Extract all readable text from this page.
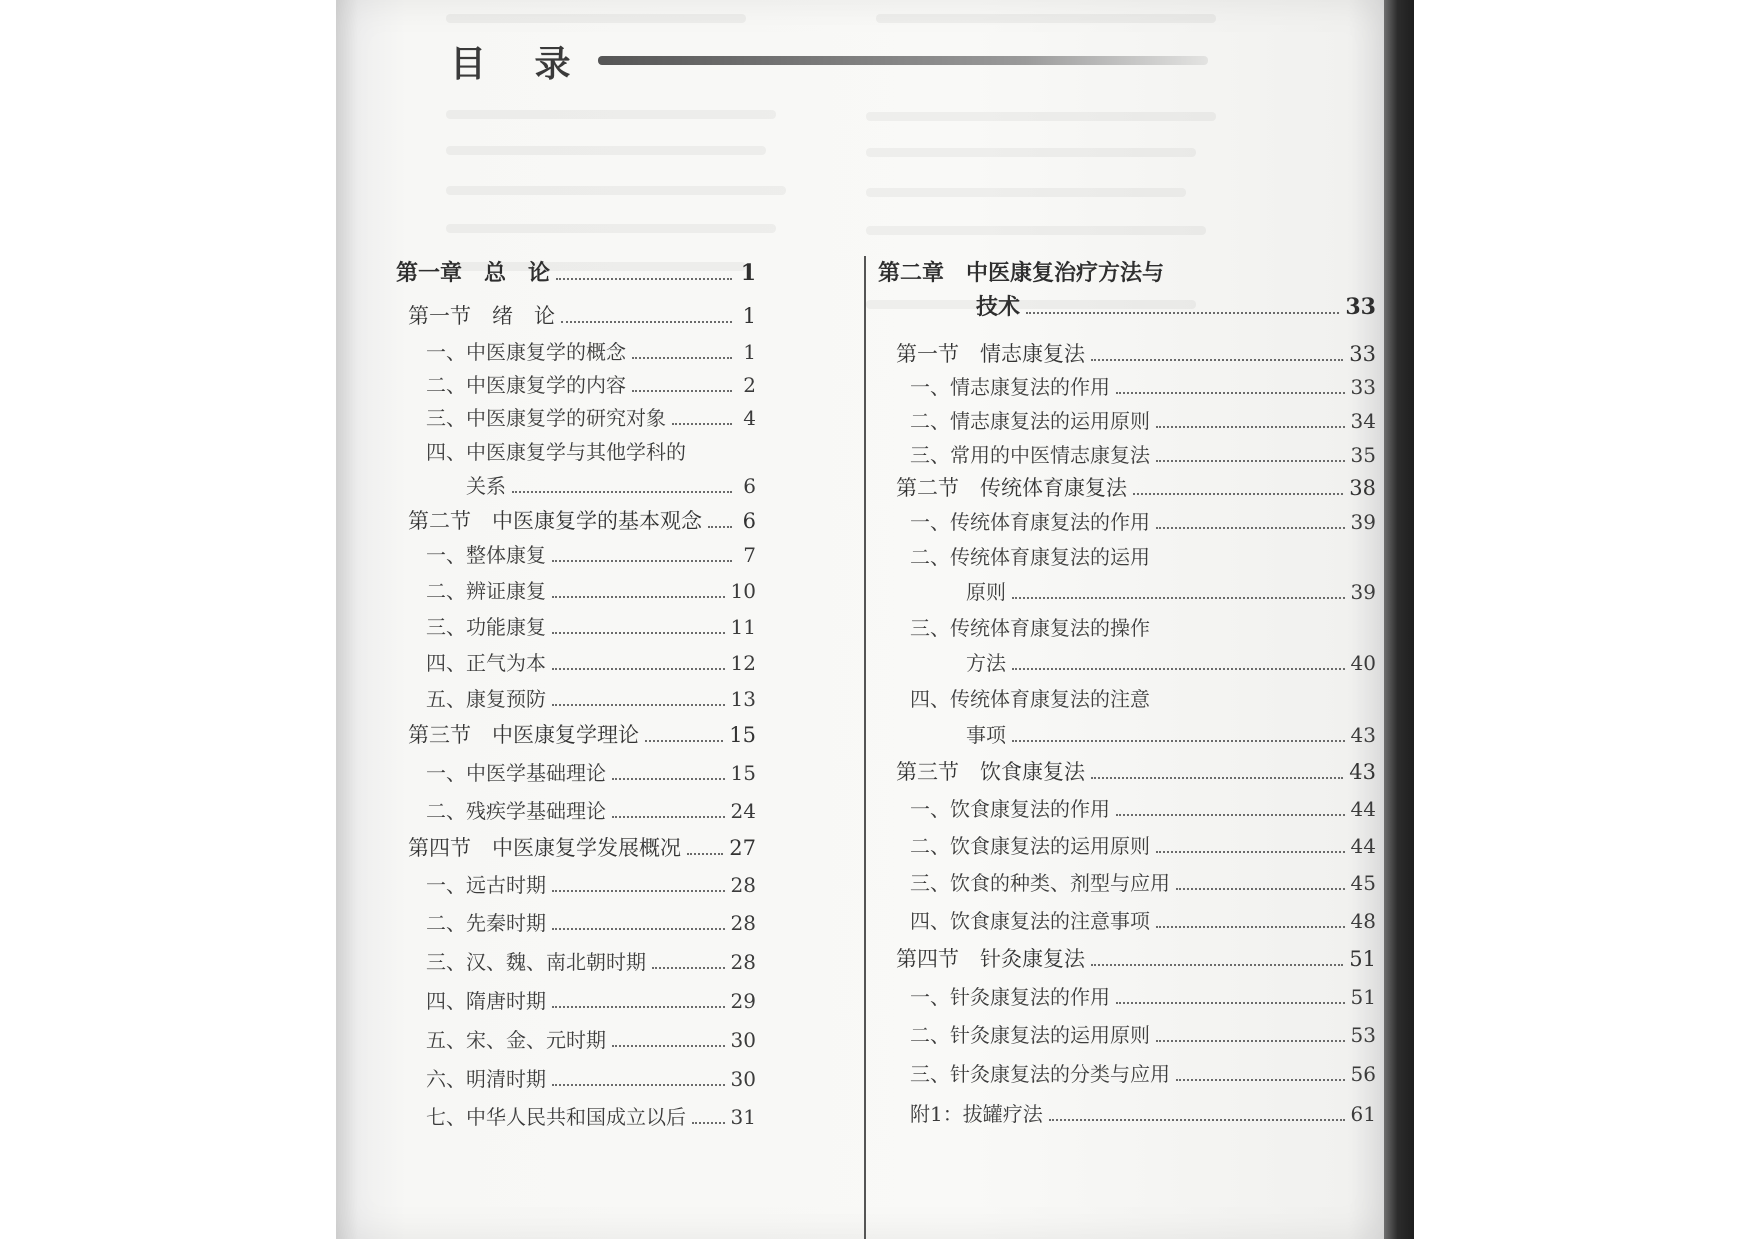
目 录
第一章　总　论	1
第一节　绪　论	1
一、中医康复学的概念	1
二、中医康复学的内容	2
三、中医康复学的研究对象	4
四、中医康复学与其他学科的
关系	6
第二节　中医康复学的基本观念 6
一、整体康复	7
二、辨证康复	10
三、功能康复	11
四、正气为本	12
五、康复预防	13
第三节　中医康复学理论	15
一、中医学基础理论	15
二、残疾学基础理论	24
第四节　中医康复学发展概况 27
一、远古时期	28
二、先秦时期	28
三、汉、魏、南北朝时期	28
四、隋唐时期	29
五、宋、金、元时期	30
六、明清时期	30
七、中华人民共和国成立以后 31
第二章　中医康复治疗方法与
技术	33
第一节　情志康复法	33
一、情志康复法的作用	33
二、情志康复法的运用原则	34
三、常用的中医情志康复法	35
第二节　传统体育康复法	38
一、传统体育康复法的作用	39
二、传统体育康复法的运用
原则	39
三、传统体育康复法的操作
方法	40
四、传统体育康复法的注意
事项	43
第三节　饮食康复法	43
一、饮食康复法的作用	44
二、饮食康复法的运用原则	44
三、饮食的种类、剂型与应用	45
四、饮食康复法的注意事项	48
第四节　针灸康复法	51
一、针灸康复法的作用	51
二、针灸康复法的运用原则	53
三、针灸康复法的分类与应用	56
附1：拔罐疗法	61
